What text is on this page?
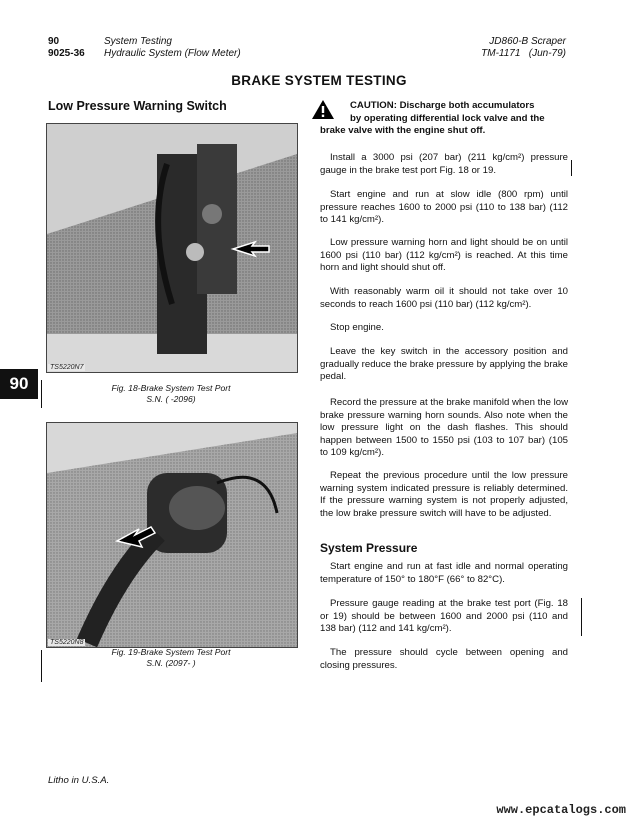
90
9025-36
System Testing
Hydraulic System (Flow Meter)
JD860-B Scraper
TM-1171 (Jun-79)
BRAKE SYSTEM TESTING
Low Pressure Warning Switch
TS5220N7
Fig. 18-Brake System Test Port
S.N. ( -2096)
TS5220N8
Fig. 19-Brake System Test Port
S.N. (2097- )
90
CAUTION: Discharge both accumulators
by operating differential lock valve and the
brake valve with the engine shut off.
Install a 3000 psi (207 bar) (211 kg/cm²) pressure gauge in the brake test port Fig. 18 or 19.
Start engine and run at slow idle (800 rpm) until pressure reaches 1600 to 2000 psi (110 to 138 bar) (112 to 141 kg/cm²).
Low pressure warning horn and light should be on until 1600 psi (110 bar) (112 kg/cm²) is reached. At this time horn and light should shut off.
With reasonably warm oil it should not take over 10 seconds to reach 1600 psi (110 bar) (112 kg/cm²).
Stop engine.
Leave the key switch in the accessory position and gradually reduce the brake pressure by applying the brake pedal.
Record the pressure at the brake manifold when the low brake pressure warning horn sounds. Also note when the low pressure light on the dash flashes. This should happen between 1500 to 1550 psi (103 to 107 bar) (105 to 109 kg/cm²).
Repeat the previous procedure until the low pressure warning system indicated pressure is reliably determined. If the pressure warning system is not properly adjusted, the low brake pressure switch will have to be adjusted.
System Pressure
Start engine and run at fast idle and normal operating temperature of 150° to 180°F (66° to 82°C).
Pressure gauge reading at the brake test port (Fig. 18 or 19) should be between 1600 and 2000 psi (110 and 138 bar) (112 and 141 kg/cm²).
The pressure should cycle between opening and closing pressures.
Litho in U.S.A.
www.epcatalogs.com
